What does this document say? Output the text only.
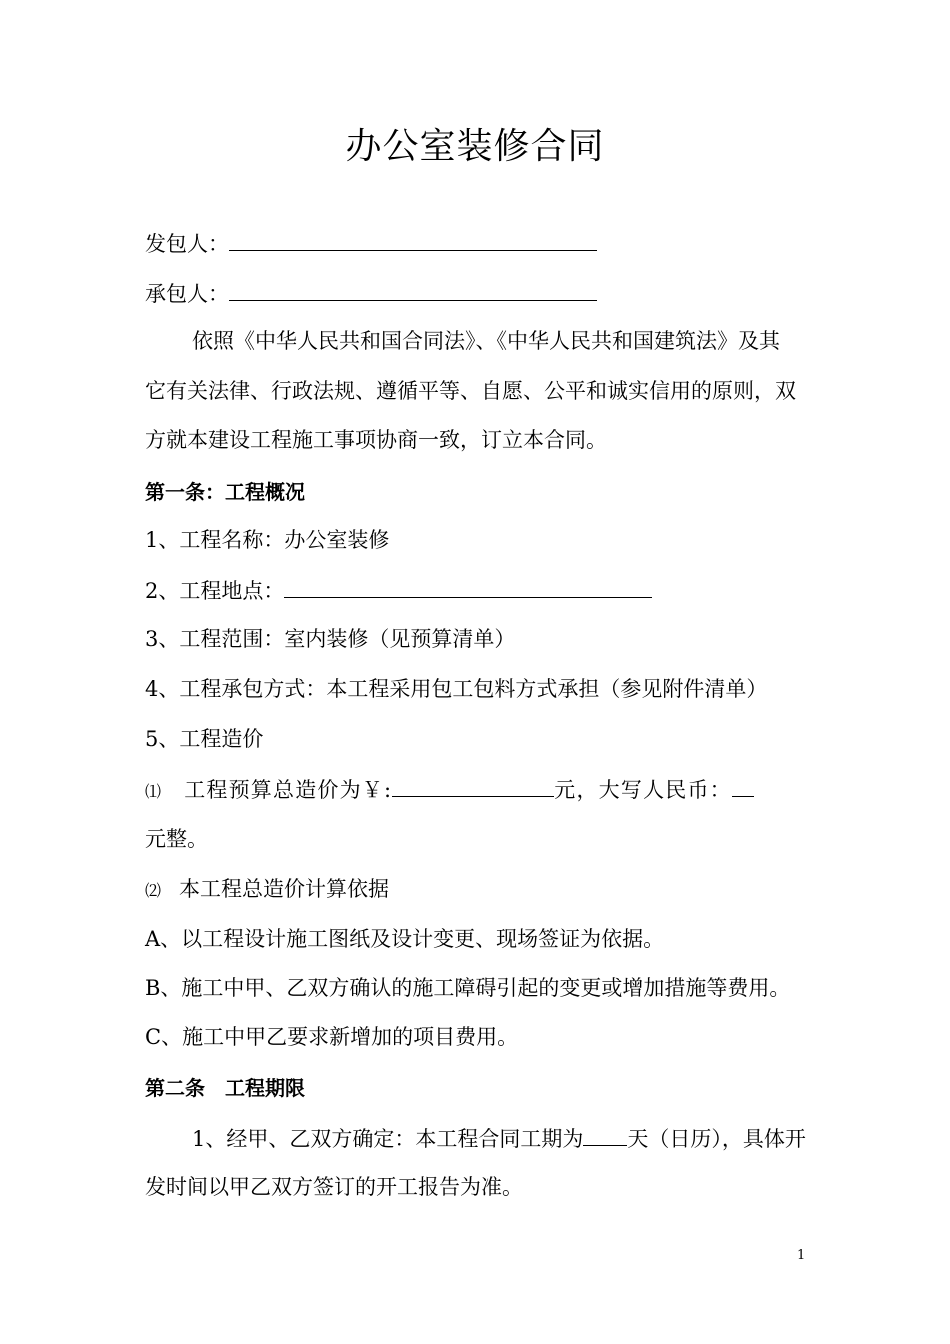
办公室装修合同
发包人：
承包人：
依照《中华人民共和国合同法》、《中华人民共和国建筑法》及其
它有关法律、行政法规、遵循平等、自愿、公平和诚实信用的原则，双
方就本建设工程施工事项协商一致，订立本合同。
第一条：工程概况
1、工程名称：办公室装修
2、工程地点：
3、工程范围：室内装修（见预算清单）
4、工程承包方式：本工程采用包工包料方式承担（参见附件清单）
5、工程造价
⑴ 工程预算总造价为￥:	元，大写人民币：
元整。
⑵ 本工程总造价计算依据
A、以工程设计施工图纸及设计变更、现场签证为依据。
B、施工中甲、乙双方确认的施工障碍引起的变更或增加措施等费用。
C、施工中甲乙要求新增加的项目费用。
第二条　工程期限
1、经甲、乙双方确定：本工程合同工期为 天（日历），具体开
发时间以甲乙双方签订的开工报告为准。
1
